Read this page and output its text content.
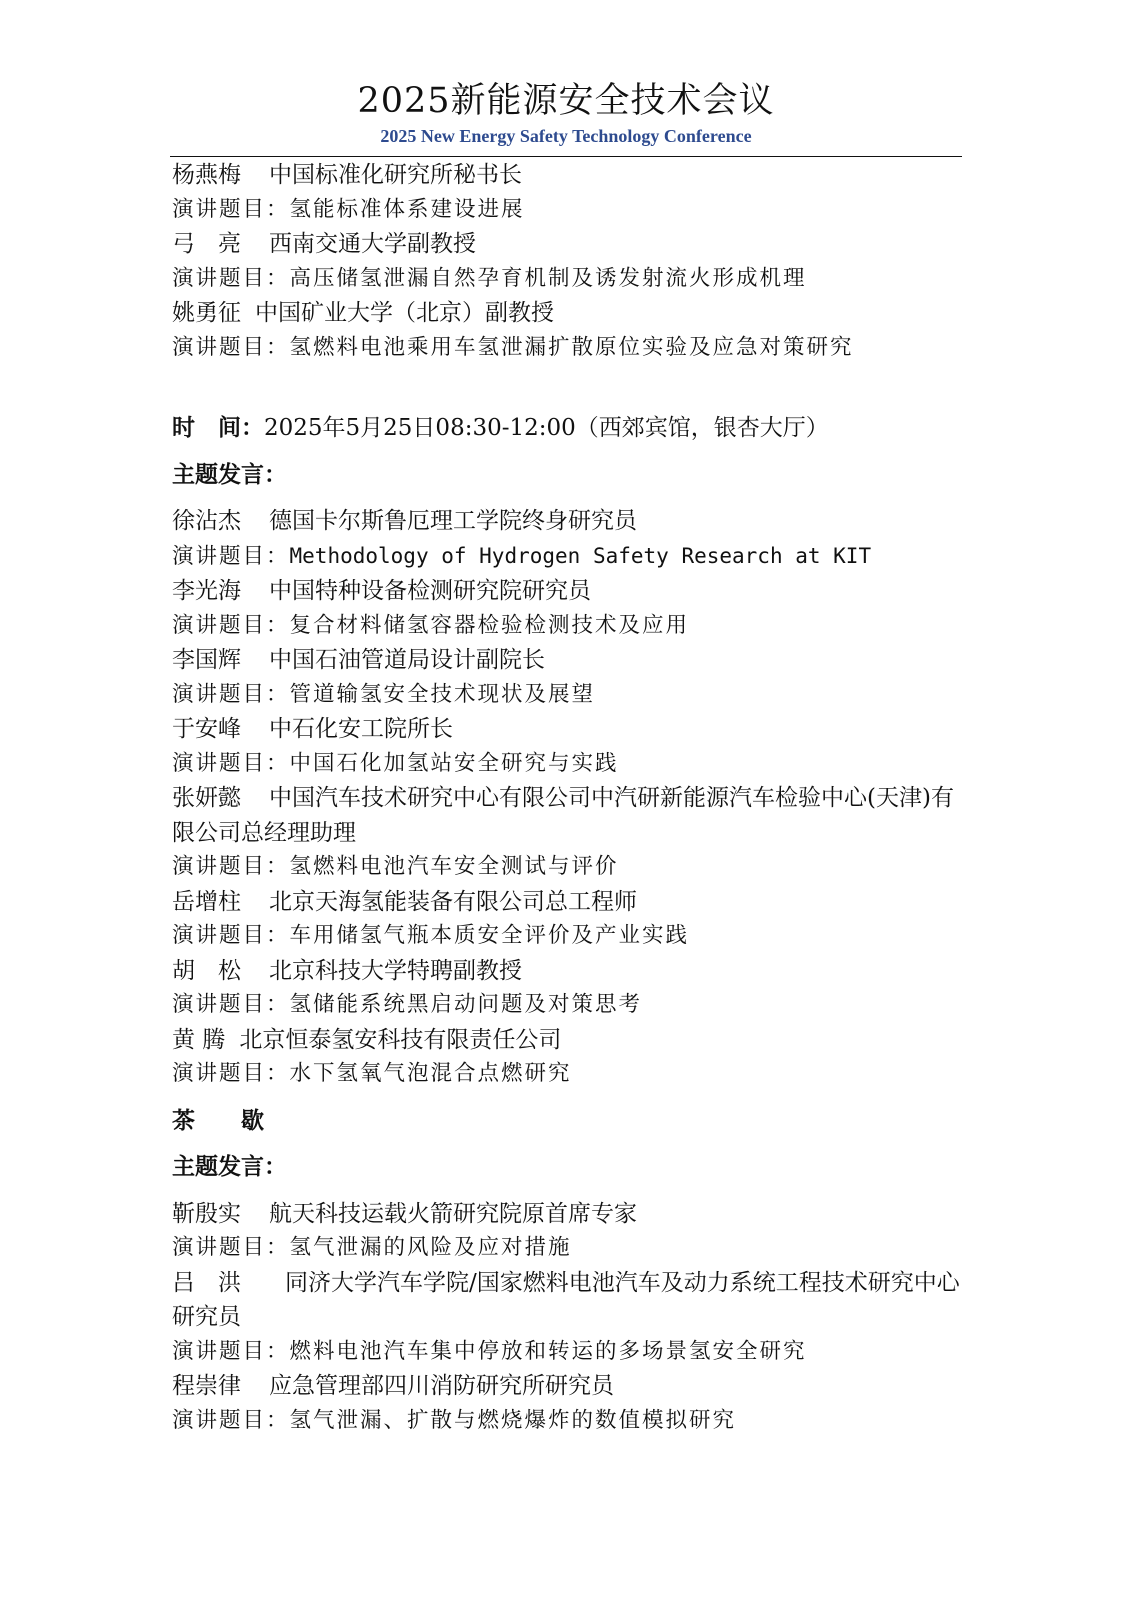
2025新能源安全技术会议
2025 New Energy Safety Technology Conference
杨燕梅 中国标准化研究所秘书长
演讲题目：氢能标准体系建设进展
弓　亮 西南交通大学副教授
演讲题目：高压储氢泄漏自然孕育机制及诱发射流火形成机理
姚勇征 中国矿业大学（北京）副教授
演讲题目：氢燃料电池乘用车氢泄漏扩散原位实验及应急对策研究
时　间：2025年5月25日08:30-12:00（西郊宾馆，银杏大厅）
主题发言：
徐沾杰 德国卡尔斯鲁厄理工学院终身研究员
演讲题目：Methodology of Hydrogen Safety Research at KIT
李光海 中国特种设备检测研究院研究员
演讲题目：复合材料储氢容器检验检测技术及应用
李国辉 中国石油管道局设计副院长
演讲题目：管道输氢安全技术现状及展望
于安峰 中石化安工院所长
演讲题目：中国石化加氢站安全研究与实践
张妍懿 中国汽车技术研究中心有限公司中汽研新能源汽车检验中心(天津)有限公司总经理助理
演讲题目：氢燃料电池汽车安全测试与评价
岳增柱 北京天海氢能装备有限公司总工程师
演讲题目：车用储氢气瓶本质安全评价及产业实践
胡　松 北京科技大学特聘副教授
演讲题目：氢储能系统黑启动问题及对策思考
黄 腾 北京恒泰氢安科技有限责任公司
演讲题目：水下氢氧气泡混合点燃研究
茶　　歇
主题发言：
靳殷实 航天科技运载火箭研究院原首席专家
演讲题目：氢气泄漏的风险及应对措施
吕　洪 同济大学汽车学院/国家燃料电池汽车及动力系统工程技术研究中心研究员
演讲题目：燃料电池汽车集中停放和转运的多场景氢安全研究
程崇律 应急管理部四川消防研究所研究员
演讲题目：氢气泄漏、扩散与燃烧爆炸的数值模拟研究
